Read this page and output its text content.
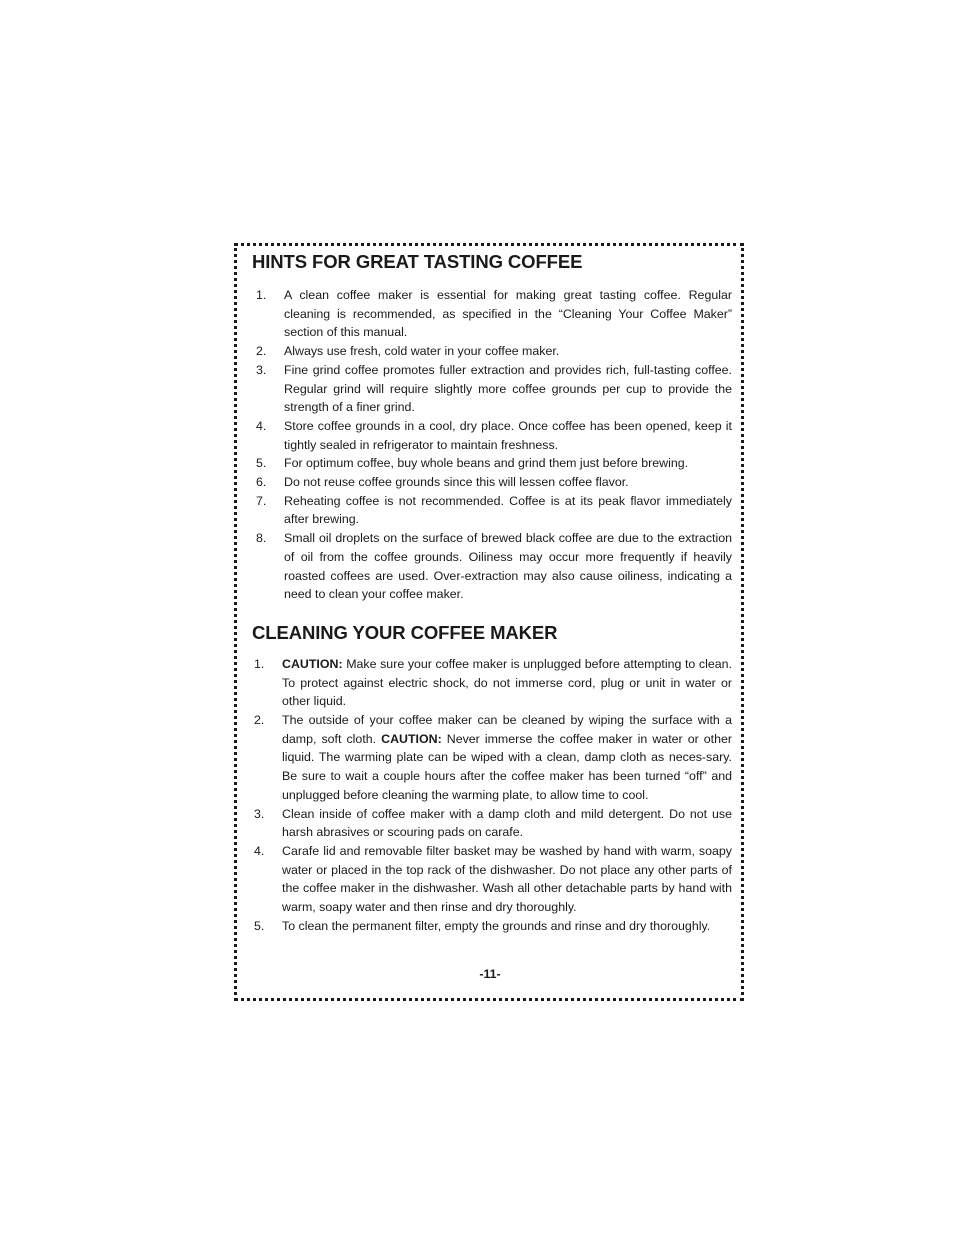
HINTS FOR GREAT TASTING COFFEE
1. A clean coffee maker is essential for making great tasting coffee. Regular cleaning is recommended, as specified in the “Cleaning Your Coffee Maker” section of this manual.
2. Always use fresh, cold water in your coffee maker.
3. Fine grind coffee promotes fuller extraction and provides rich, full-tasting coffee. Regular grind will require slightly more coffee grounds per cup to provide the strength of a finer grind.
4. Store coffee grounds in a cool, dry place. Once coffee has been opened, keep it tightly sealed in refrigerator to maintain freshness.
5. For optimum coffee, buy whole beans and grind them just before brewing.
6. Do not reuse coffee grounds since this will lessen coffee flavor.
7. Reheating coffee is not recommended. Coffee is at its peak flavor immediately after brewing.
8. Small oil droplets on the surface of brewed black coffee are due to the extraction of oil from the coffee grounds. Oiliness may occur more frequently if heavily roasted coffees are used. Over-extraction may also cause oiliness, indicating a need to clean your coffee maker.
CLEANING YOUR COFFEE MAKER
1. CAUTION: Make sure your coffee maker is unplugged before attempting to clean. To protect against electric shock, do not immerse cord, plug or unit in water or other liquid.
2. The outside of your coffee maker can be cleaned by wiping the surface with a damp, soft cloth. CAUTION: Never immerse the coffee maker in water or other liquid. The warming plate can be wiped with a clean, damp cloth as neces-sary. Be sure to wait a couple hours after the coffee maker has been turned “off” and unplugged before cleaning the warming plate, to allow time to cool.
3. Clean inside of coffee maker with a damp cloth and mild detergent. Do not use harsh abrasives or scouring pads on carafe.
4. Carafe lid and removable filter basket may be washed by hand with warm, soapy water or placed in the top rack of the dishwasher. Do not place any other parts of the coffee maker in the dishwasher. Wash all other detachable parts by hand with warm, soapy water and then rinse and dry thoroughly.
5. To clean the permanent filter, empty the grounds and rinse and dry thoroughly.
-11-
